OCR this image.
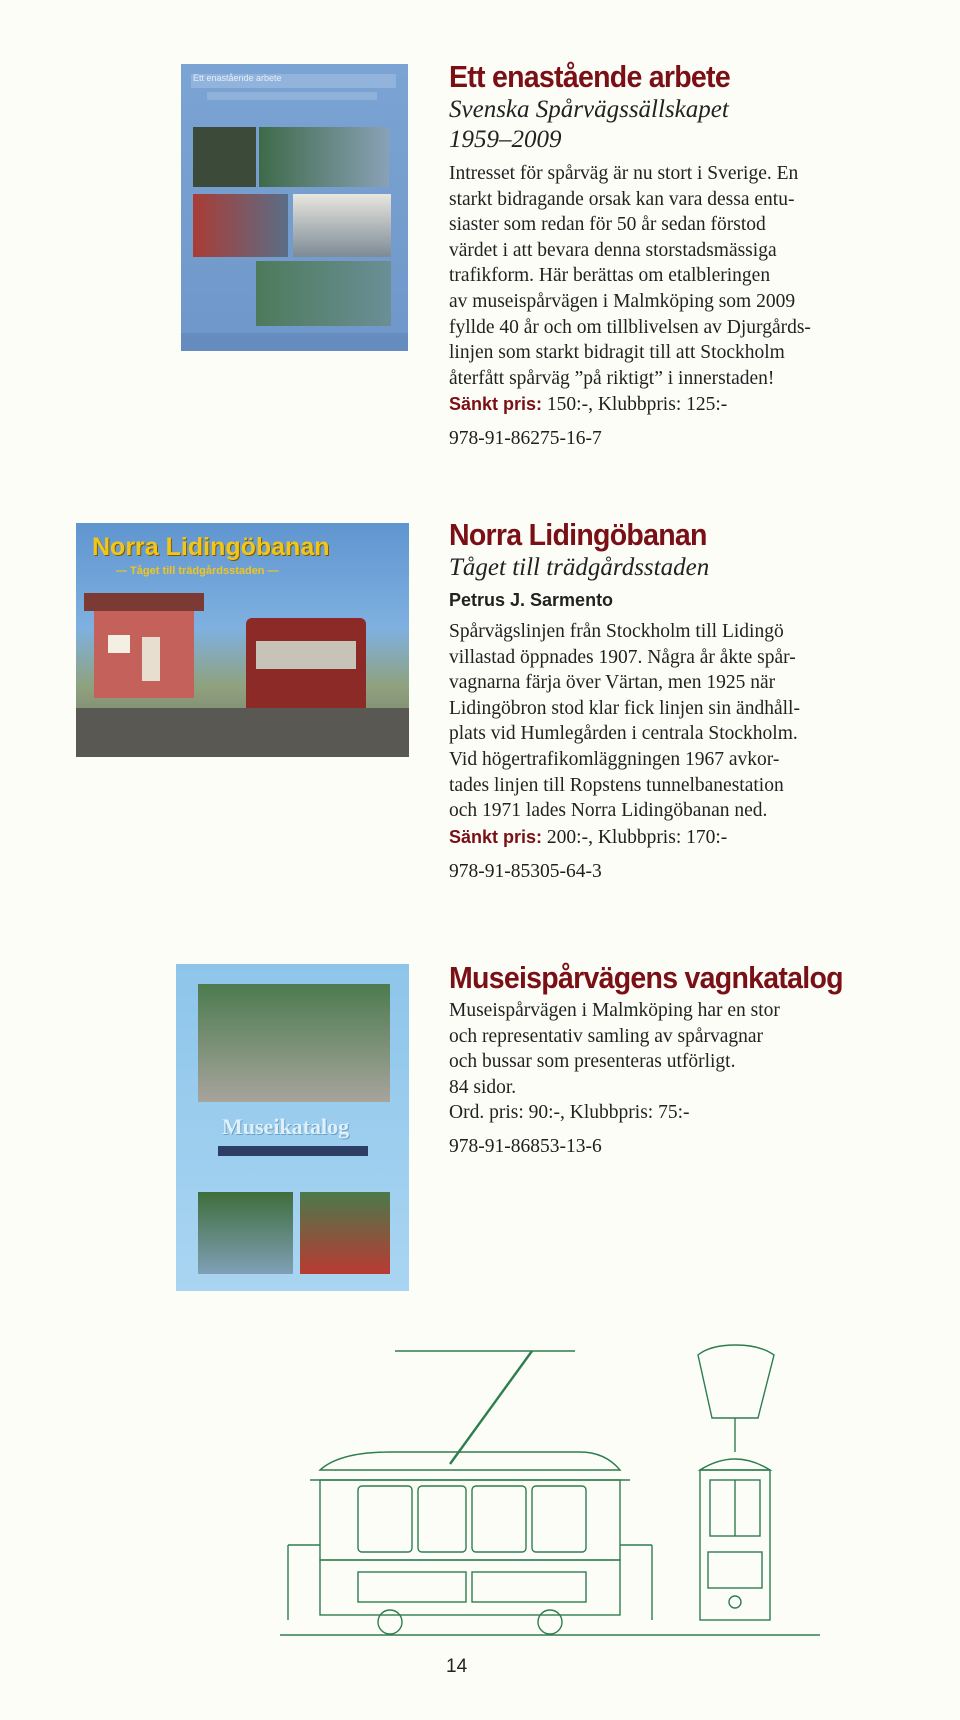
Ett enastående arbete	Ett enastående arbete
Svenska Spårvägssällskapet
1959–2009

Intresset för spårväg är nu stort i Sverige. En

starkt bidragande orsak kan vara dessa entu-

siaster som redan för 50 år sedan förstod

värdet i att bevara denna storstadsmässiga

trafikform. Här berättas om etalbleringen

av museispårvägen i Malmköping som 2009

fyllde 40 år och om tillblivelsen av Djurgårds-

linjen som starkt bidragit till att Stockholm

återfått spårväg ”på riktigt” i innerstaden!

Sänkt pris: 150:-, Klubbpris: 125:-
978-91-86275-16-7
Norra Lidingöbanan
— Tåget till trädgårdsstaden —
Norra Lidingöbanan
Tåget till trädgårdsstaden
Petrus J. Sarmento

Spårvägslinjen från Stockholm till Lidingö

villastad öppnades 1907. Några år åkte spår-

vagnarna färja över Värtan, men 1925 när

Lidingöbron stod klar fick linjen sin ändhåll-

plats vid Humlegården i centrala Stockholm.

Vid högertrafikomläggningen 1967 avkor-

tades linjen till Ropstens tunnelbanestation

och 1971 lades Norra Lidingöbanan ned.

Sänkt pris: 200:-, Klubbpris: 170:-
978-91-85305-64-3
Museikatalog
Museispårvägens vagnkatalog

Museispårvägen i Malmköping har en stor

och representativ samling av spårvagnar

och bussar som presenteras utförligt.

84 sidor.

Ord. pris: 90:-, Klubbpris: 75:-

978-91-86853-13-6
14
